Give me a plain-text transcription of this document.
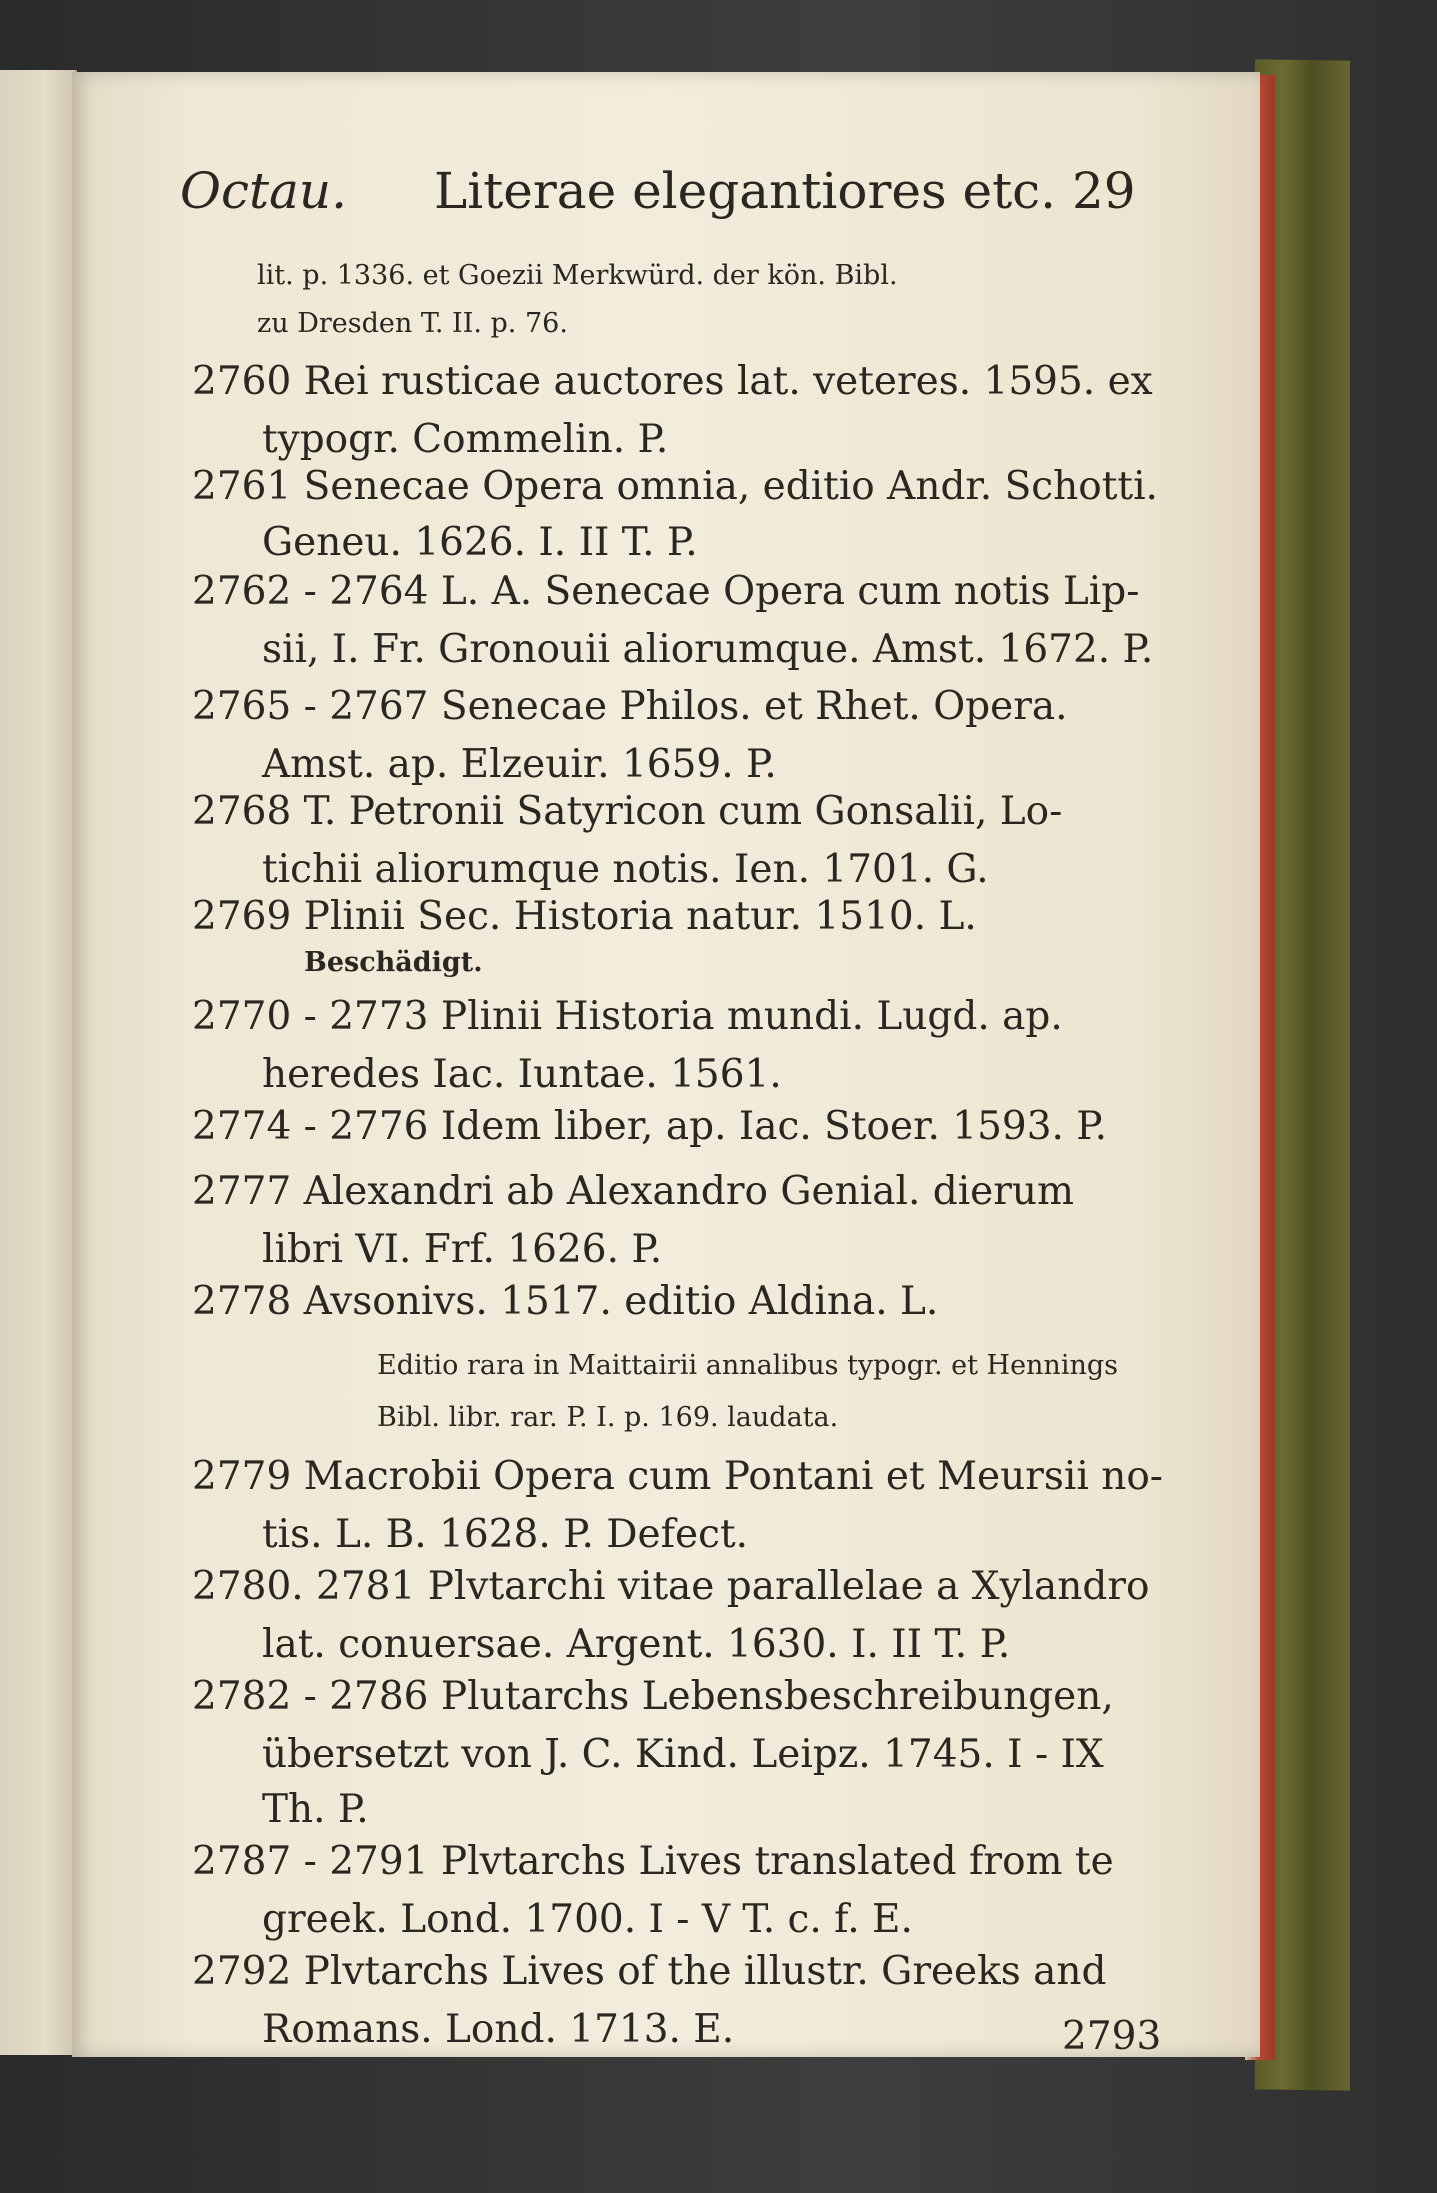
Octau. Literae elegantiores etc. 29
lit. p. 1336. et Goezii Merkwürd. der kön. Bibl.
zu Dresden T. II. p. 76.
2760 Rei rusticae auctores lat. veteres. 1595. ex
typogr. Commelin. P.
2761 Senecae Opera omnia, editio Andr. Schotti.
Geneu. 1626. I. II T. P.
2762 - 2764 L. A. Senecae Opera cum notis Lip-
sii, I. Fr. Gronouii aliorumque. Amst. 1672. P.
2765 - 2767 Senecae Philos. et Rhet. Opera.
Amst. ap. Elzeuir. 1659. P.
2768 T. Petronii Satyricon cum Gonsalii, Lo-
tichii aliorumque notis. Ien. 1701. G.
2769 Plinii Sec. Historia natur. 1510. L.
Beschädigt.
2770 - 2773 Plinii Historia mundi. Lugd. ap.
heredes Iac. Iuntae. 1561.
2774 - 2776 Idem liber, ap. Iac. Stoer. 1593. P.
2777 Alexandri ab Alexandro Genial. dierum
libri VI. Frf. 1626. P.
2778 Avsonivs. 1517. editio Aldina. L.
Editio rara in Maittairii annalibus typogr. et Hennings
Bibl. libr. rar. P. I. p. 169. laudata.
2779 Macrobii Opera cum Pontani et Meursii no-
tis. L. B. 1628. P. Defect.
2780. 2781 Plvtarchi vitae parallelae a Xylandro
lat. conuersae. Argent. 1630. I. II T. P.
2782 - 2786 Plutarchs Lebensbeschreibungen,
übersetzt von J. C. Kind. Leipz. 1745. I - IX
Th. P.
2787 - 2791 Plvtarchs Lives translated from te
greek. Lond. 1700. I - V T. c. f. E.
2792 Plvtarchs Lives of the illustr. Greeks and
Romans. Lond. 1713. E.	2793
